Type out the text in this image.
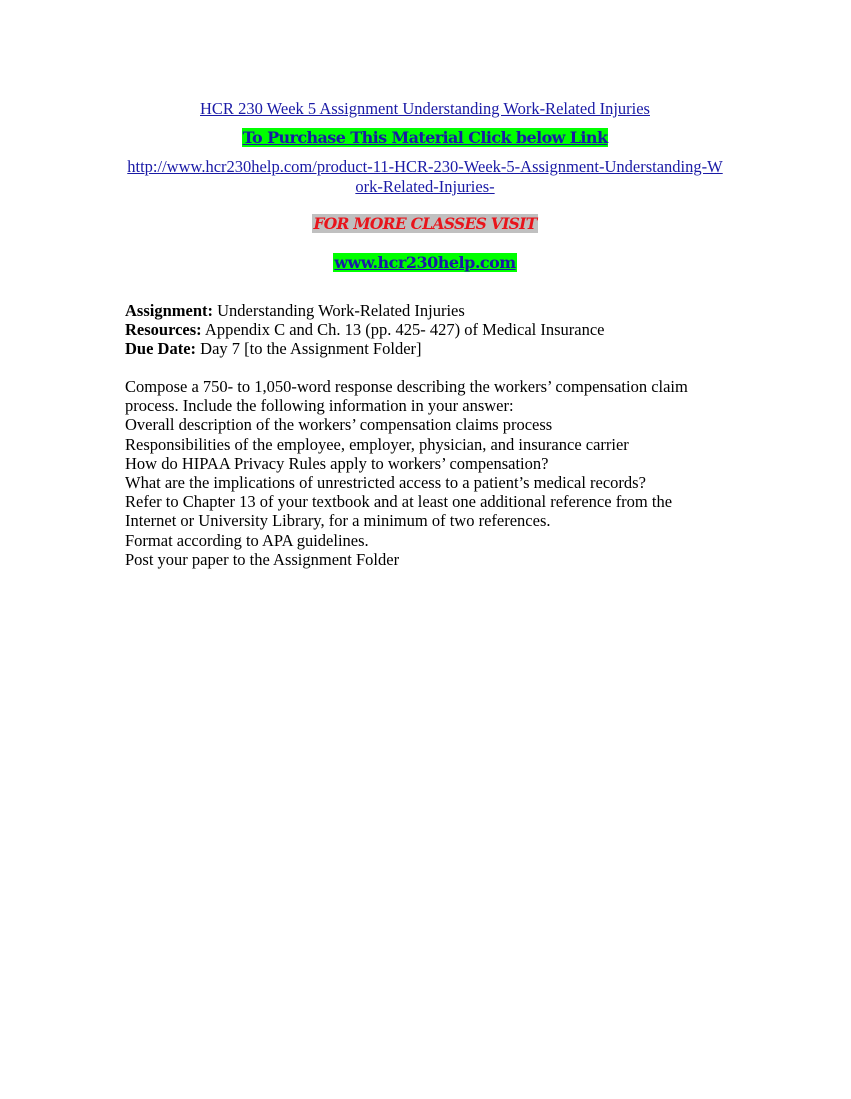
HCR 230 Week 5 Assignment Understanding Work-Related Injuries
To Purchase This Material Click below Link
http://www.hcr230help.com/product-11-HCR-230-Week-5-Assignment-Understanding-W
ork-Related-Injuries-
FOR MORE CLASSES VISIT
www.hcr230help.com
Assignment: Understanding Work-Related Injuries
Resources: Appendix C and Ch. 13 (pp. 425- 427) of Medical Insurance
Due Date: Day 7 [to the Assignment Folder]
Compose a 750- to 1,050-word response describing the workers’ compensation claim
process. Include the following information in your answer:
Overall description of the workers’ compensation claims process
Responsibilities of the employee, employer, physician, and insurance carrier
How do HIPAA Privacy Rules apply to workers’ compensation?
What are the implications of unrestricted access to a patient’s medical records?
Refer to Chapter 13 of your textbook and at least one additional reference from the
Internet or University Library, for a minimum of two references.
Format according to APA guidelines.
Post your paper to the Assignment Folder
